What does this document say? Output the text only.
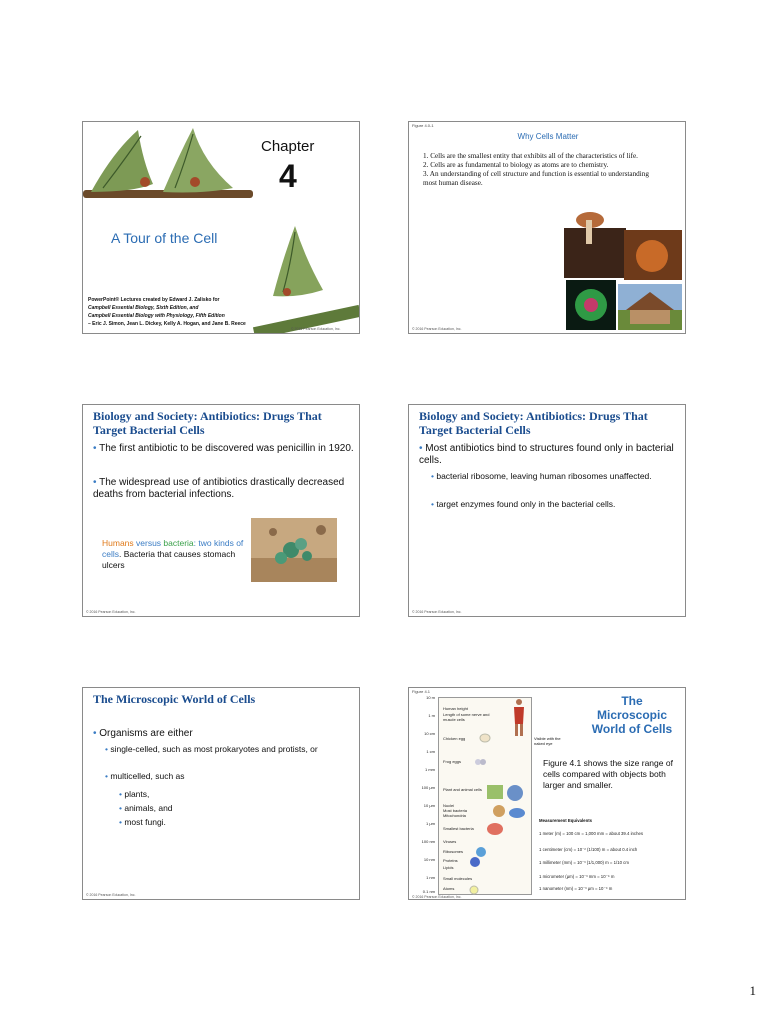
Chapter
4
A Tour of the Cell
PowerPoint® Lectures created by Edward J. Zalisko for
Campbell Essential Biology, Sixth Edition, and
Campbell Essential Biology with Physiology, Fifth Edition
– Eric J. Simon, Jean L. Dickey, Kelly A. Hogan, and Jane B. Reece
© 2016 Pearson Education, Inc.
Figure 4.0-1
Why Cells Matter
1. Cells are the smallest entity that exhibits all of the characteristics of life.
2. Cells are as fundamental to biology as atoms are to chemistry.
3. An understanding of cell structure and function is essential to understanding most human disease.
© 2016 Pearson Education, Inc.
Biology and Society: Antibiotics: Drugs That Target Bacterial Cells
• The first antibiotic to be discovered was penicillin in 1920.
• The widespread use of antibiotics drastically decreased deaths from bacterial infections.
Humans versus bacteria: two kinds of cells. Bacteria that causes stomach ulcers
© 2016 Pearson Education, Inc.
Biology and Society: Antibiotics: Drugs That Target Bacterial Cells
• Most antibiotics bind to structures found only in bacterial cells.
• bacterial ribosome, leaving human ribosomes unaffected.
• target enzymes found only in the bacterial cells.
© 2016 Pearson Education, Inc.
The Microscopic World of Cells
• Organisms are either
• single-celled, such as most prokaryotes and protists, or
• multicelled, such as
• plants,
• animals, and
• most fungi.
© 2016 Pearson Education, Inc.
Figure 4.1
10 m
1 m
10 cm
1 cm
1 mm
100 μm
10 μm
1 μm
100 nm
10 nm
1 nm
0.1 nm
Human height
Length of some nerve and muscle cells
Chicken egg
Frog eggs
Plant and animal cells
Nuclei
Most bacteria
Mitochondria
Smallest bacteria
Viruses
Ribosomes
Proteins
Lipids
Small molecules
Atoms
Visible with the naked eye
The
Microscopic
World of Cells
Figure 4.1 shows the size range of cells compared with objects both larger and smaller.
Measurement Equivalents
1 meter (m) = 100 cm = 1,000 mm = about 39.4 inches
1 centimeter (cm) = 10⁻² (1/100) m = about 0.4 inch
1 millimeter (mm) = 10⁻³ (1/1,000) m = 1/10 cm
1 micrometer (μm) = 10⁻³ mm = 10⁻⁶ m
1 nanometer (nm) = 10⁻³ μm = 10⁻⁹ m
© 2016 Pearson Education, Inc.
1
